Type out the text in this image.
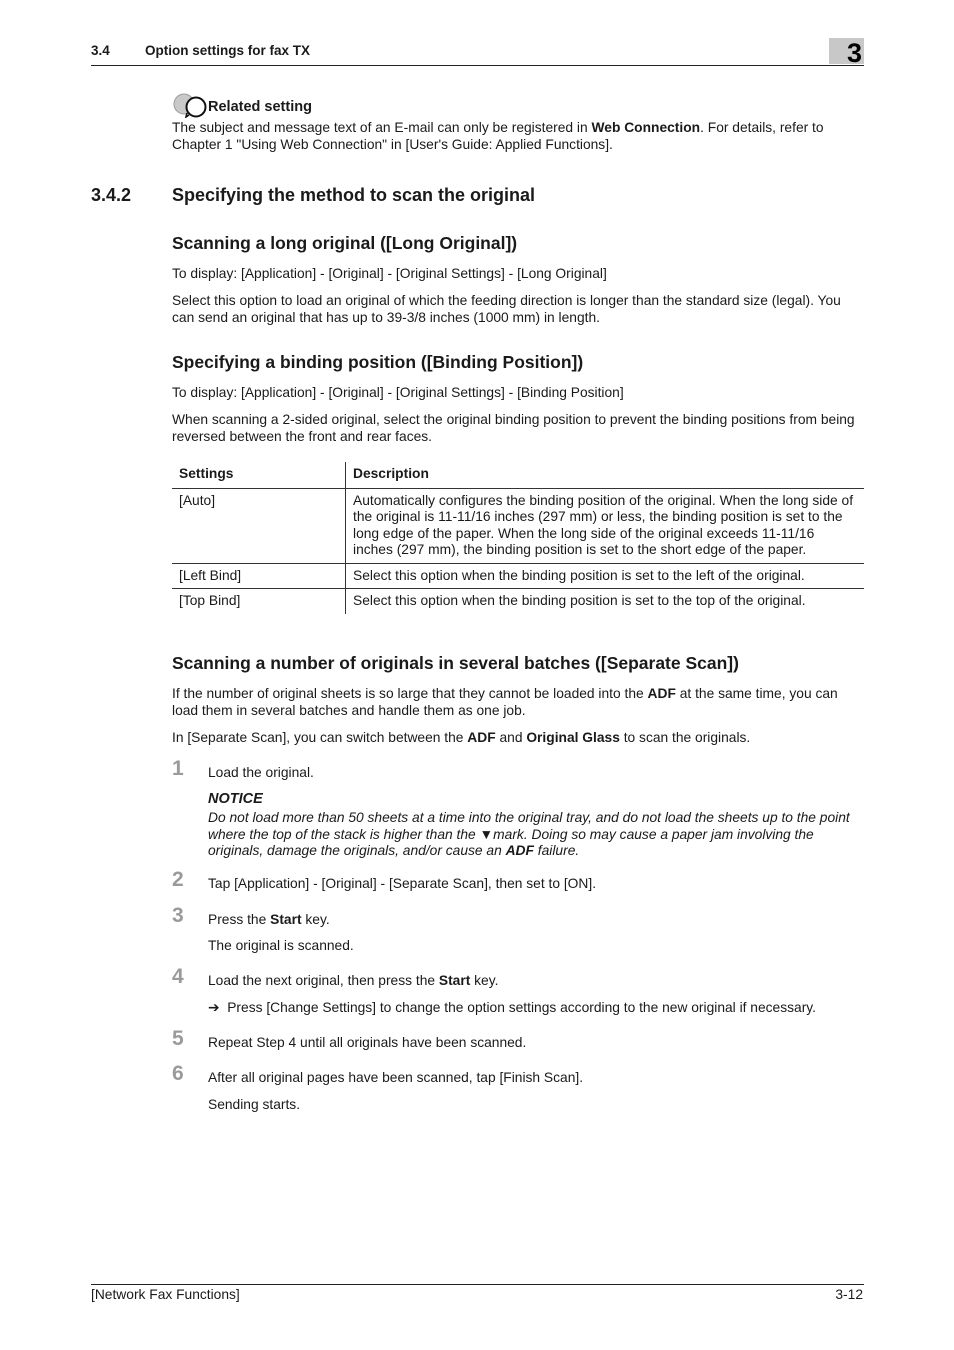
3.4	Option settings for fax TX	3
Related setting
The subject and message text of an E-mail can only be registered in Web Connection. For details, refer to Chapter 1 "Using Web Connection" in [User's Guide: Applied Functions].
3.4.2 Specifying the method to scan the original
Scanning a long original ([Long Original])
To display: [Application] - [Original] - [Original Settings] - [Long Original]
Select this option to load an original of which the feeding direction is longer than the standard size (legal). You can send an original that has up to 39-3/8 inches (1000 mm) in length.
Specifying a binding position ([Binding Position])
To display: [Application] - [Original] - [Original Settings] - [Binding Position]
When scanning a 2-sided original, select the original binding position to prevent the binding positions from being reversed between the front and rear faces.
Settings	Description
[Auto]	Automatically configures the binding position of the original. When the long side of the original is 11-11/16 inches (297 mm) or less, the binding position is set to the long edge of the paper. When the long side of the original exceeds 11-11/16 inches (297 mm), the binding position is set to the short edge of the paper.
[Left Bind]	Select this option when the binding position is set to the left of the original.
[Top Bind]	Select this option when the binding position is set to the top of the original.
Scanning a number of originals in several batches ([Separate Scan])
If the number of original sheets is so large that they cannot be loaded into the ADF at the same time, you can load them in several batches and handle them as one job.
In [Separate Scan], you can switch between the ADF and Original Glass to scan the originals.
1 Load the original.
NOTICE
Do not load more than 50 sheets at a time into the original tray, and do not load the sheets up to the point where the top of the stack is higher than the ▼mark. Doing so may cause a paper jam involving the originals, damage the originals, and/or cause an ADF failure.
2 Tap [Application] - [Original] - [Separate Scan], then set to [ON].
3 Press the Start key.
The original is scanned.
4 Load the next original, then press the Start key.
➔ Press [Change Settings] to change the option settings according to the new original if necessary.
5 Repeat Step 4 until all originals have been scanned.
6 After all original pages have been scanned, tap [Finish Scan].
Sending starts.
[Network Fax Functions]	3-12
